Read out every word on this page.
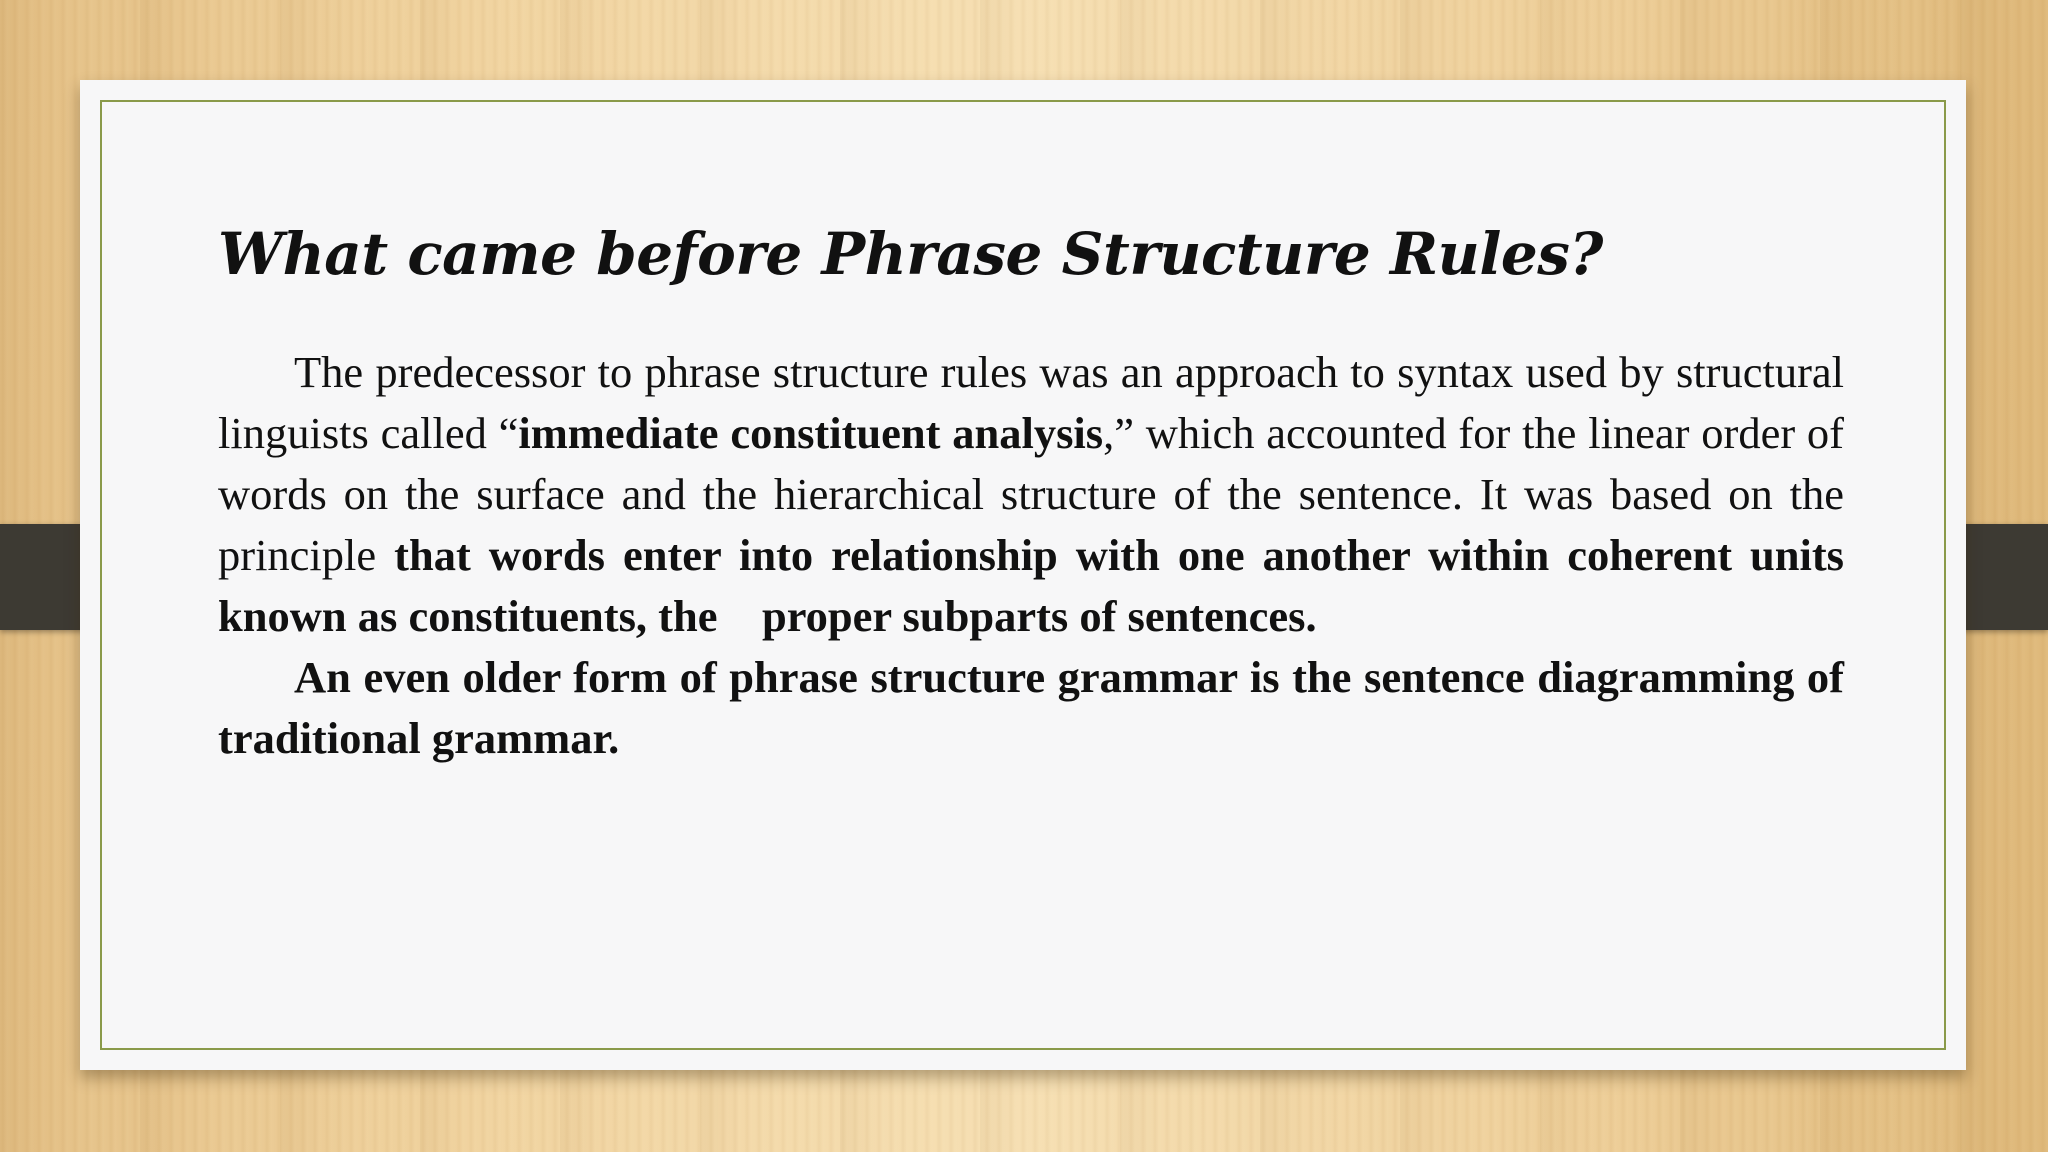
What came before Phrase Structure Rules?

The predecessor to phrase structure rules was an approach to syntax used by structural linguists called “immediate constituent analysis,” which accounted for the linear order of words on the surface and the hierarchical structure of the sentence. It was based on the principle that words enter into relationship with one another within coherent units known as constituents, the proper subparts of sentences.

An even older form of phrase structure grammar is the sentence diagramming of traditional grammar.
